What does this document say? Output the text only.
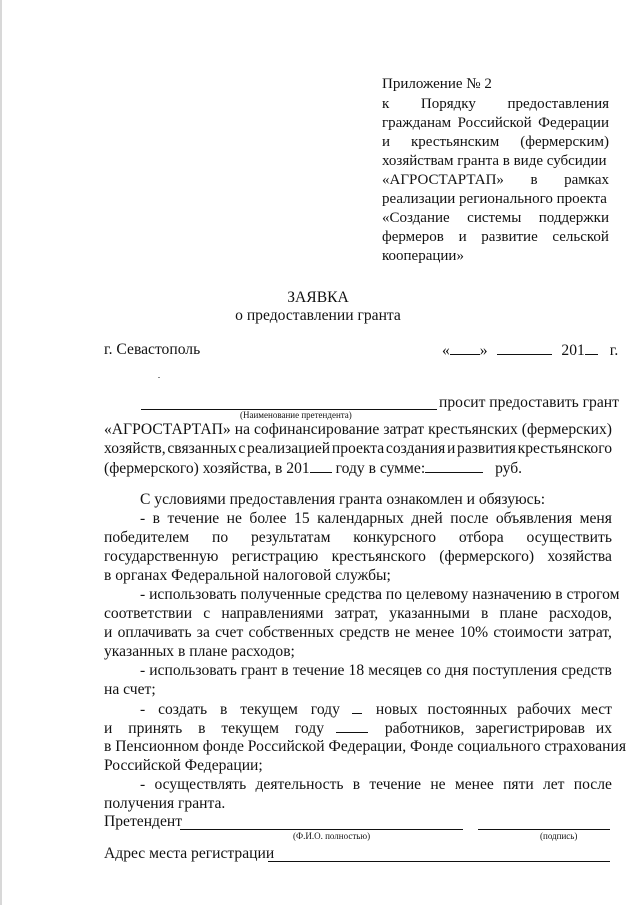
Приложение № 2
к Порядку предоставления
гражданам Российской Федерации
и крестьянским (фермерским)
хозяйствам гранта в виде субсидии
«АГРОСТАРТАП» в рамках
реализации регионального проекта
«Создание системы поддержки
фермеров и развитие сельской
кооперации»
ЗАЯВКА
о предоставлении гранта
г. Севастополь	« »	201 г.
просит предоставить грант
(Наименование претендента)
«АГРОСТАРТАП» на софинансирование затрат крестьянских (фермерских)
хозяйств, связанных с реализацией проекта создания и развития крестьянского
(фермерского) хозяйства, в 201 году в сумме:	руб.
С условиями предоставления гранта ознакомлен и обязуюсь:
- в течение не более 15 календарных дней после объявления меня
победителем по результатам конкурсного отбора осуществить
государственную регистрацию крестьянского (фермерского) хозяйства
в органах Федеральной налоговой службы;
- использовать полученные средства по целевому назначению в строгом
соответствии с направлениями затрат, указанными в плане расходов,
и оплачивать за счет собственных средств не менее 10% стоимости затрат,
указанных в плане расходов;
- использовать грант в течение 18 месяцев со дня поступления средств
на счет;
- создать в текущем году новых постоянных рабочих мест
и принять в текущем году	работников, зарегистрировав их
в Пенсионном фонде Российской Федерации, Фонде социального страхования
Российской Федерации;
- осуществлять деятельность в течение не менее пяти лет после
получения гранта.
Претендент
(Ф.И.О. полностью)	(подпись)
Адрес места регистрации
